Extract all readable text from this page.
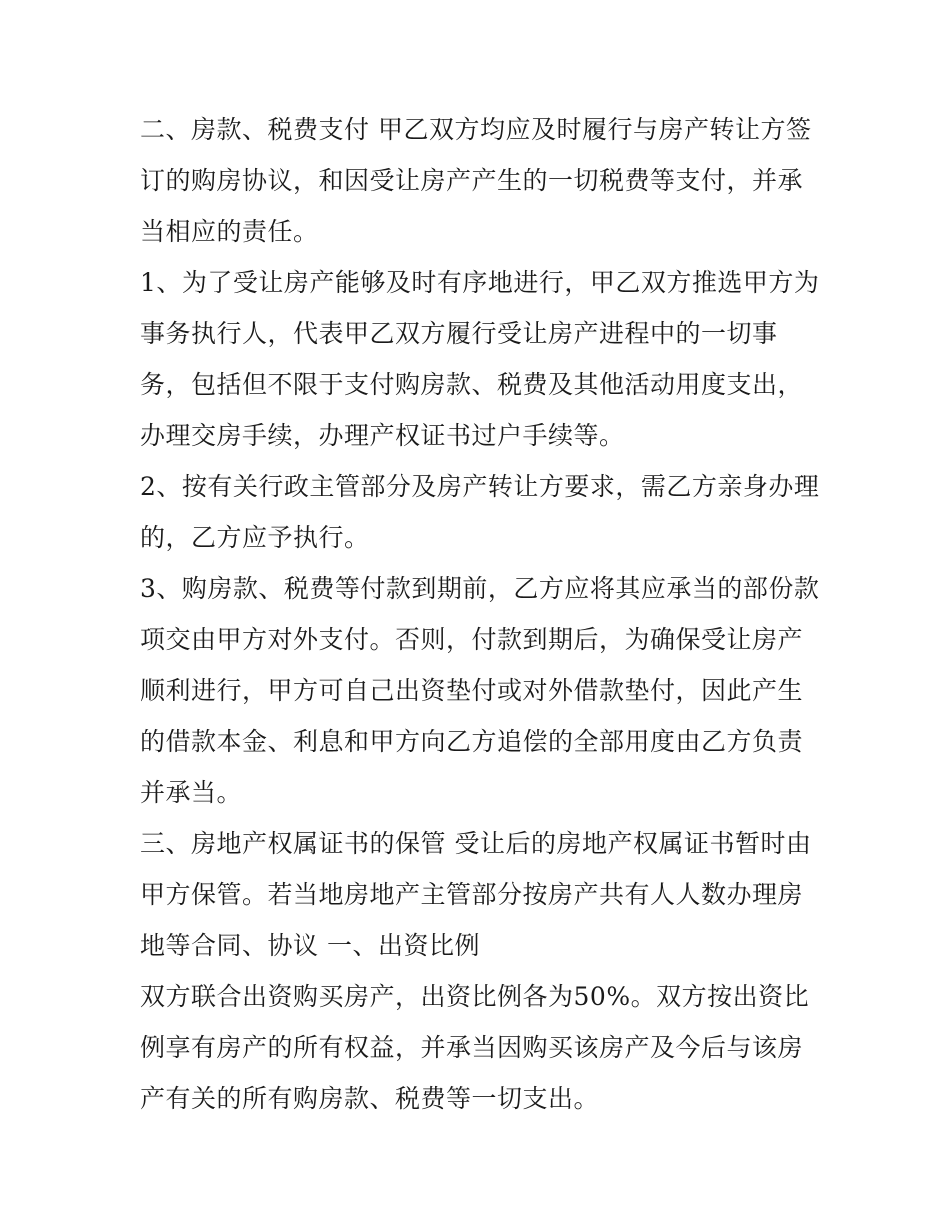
二、房款、税费支付 甲乙双方均应及时履行与房产转让方签订的购房协议，和因受让房产产生的一切税费等支付，并承当相应的责任。

1、为了受让房产能够及时有序地进行，甲乙双方推选甲方为事务执行人，代表甲乙双方履行受让房产进程中的一切事务，包括但不限于支付购房款、税费及其他活动用度支出，办理交房手续，办理产权证书过户手续等。

2、按有关行政主管部分及房产转让方要求，需乙方亲身办理的，乙方应予执行。

3、购房款、税费等付款到期前，乙方应将其应承当的部份款项交由甲方对外支付。否则，付款到期后，为确保受让房产顺利进行，甲方可自己出资垫付或对外借款垫付，因此产生的借款本金、利息和甲方向乙方追偿的全部用度由乙方负责并承当。

三、房地产权属证书的保管 受让后的房地产权属证书暂时由甲方保管。若当地房地产主管部分按房产共有人人数办理房地等合同、协议 一、出资比例

双方联合出资购买房产，出资比例各为50%。双方按出资比例享有房产的所有权益，并承当因购买该房产及今后与该房产有关的所有购房款、税费等一切支出。
